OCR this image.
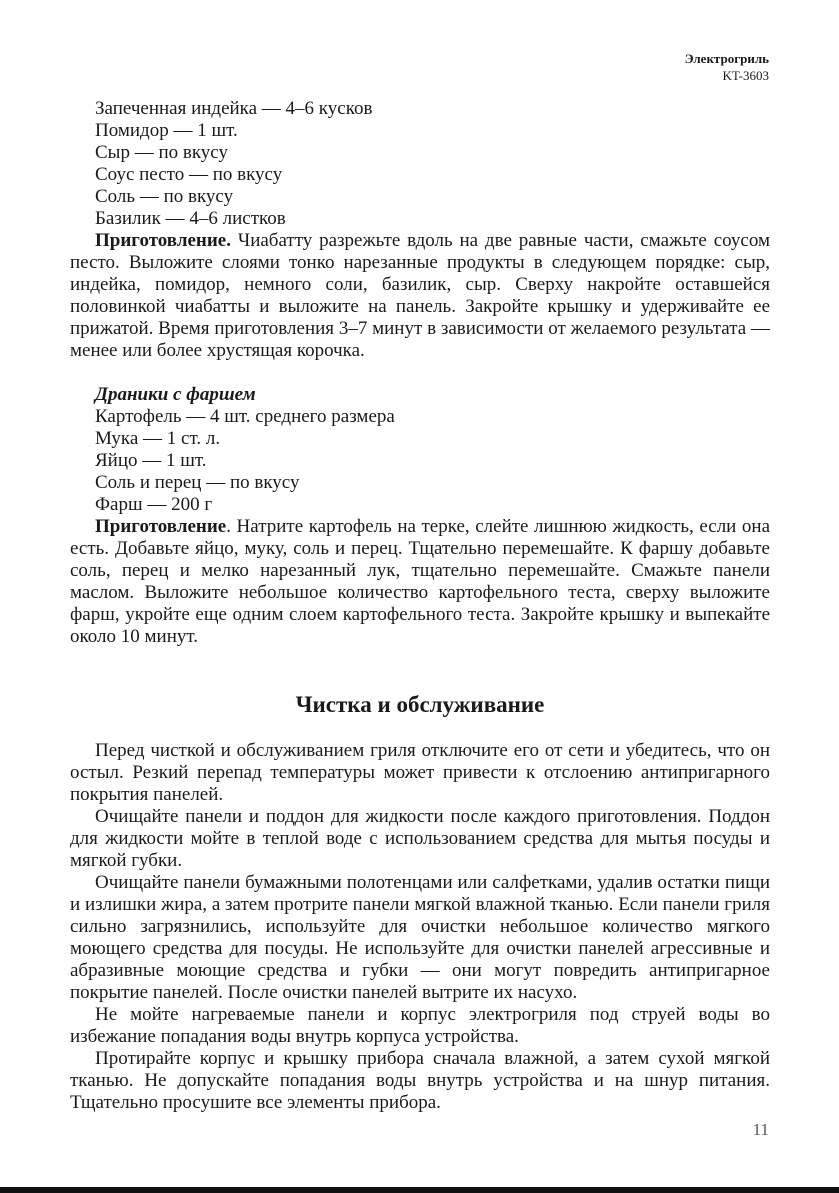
Электрогриль
KT-3603
Запеченная индейка — 4–6 кусков
Помидор — 1 шт.
Сыр — по вкусу
Соус песто — по вкусу
Соль — по вкусу
Базилик — 4–6 листков

Приготовление. Чиабатту разрежьте вдоль на две равные части, смажьте соусом песто. Выложите слоями тонко нарезанные продукты в следующем порядке: сыр, индейка, помидор, немного соли, базилик, сыр. Сверху накройте оставшейся половинкой чиабатты и выложите на панель. Закройте крышку и удерживайте ее прижатой. Время приготовления 3–7 минут в зависимости от желаемого результата — менее или более хрустящая корочка.

Драники с фаршем
Картофель — 4 шт. среднего размера
Мука — 1 ст. л.
Яйцо — 1 шт.
Соль и перец — по вкусу
Фарш — 200 г

Приготовление. Натрите картофель на терке, слейте лишнюю жидкость, если она есть. Добавьте яйцо, муку, соль и перец. Тщательно перемешайте. К фаршу добавьте соль, перец и мелко нарезанный лук, тщательно перемешайте. Смажьте панели маслом. Выложите небольшое количество картофельного теста, сверху выложите фарш, укройте еще одним слоем картофельного теста. Закройте крышку и выпекайте около 10 минут.

Чистка и обслуживание

Перед чисткой и обслуживанием гриля отключите его от сети и убедитесь, что он остыл. Резкий перепад температуры может привести к отслоению антипригарного покрытия панелей.

Очищайте панели и поддон для жидкости после каждого приготовления. Поддон для жидкости мойте в теплой воде с использованием средства для мытья посуды и мягкой губки.

Очищайте панели бумажными полотенцами или салфетками, удалив остатки пищи и излишки жира, а затем протрите панели мягкой влажной тканью. Если панели гриля сильно загрязнились, используйте для очистки небольшое количество мягкого моющего средства для посуды. Не используйте для очистки панелей агрессивные и абразивные моющие средства и губки — они могут повредить антипригарное покрытие панелей. После очистки панелей вытрите их насухо.

Не мойте нагреваемые панели и корпус электрогриля под струей воды во избежание попадания воды внутрь корпуса устройства.

Протирайте корпус и крышку прибора сначала влажной, а затем сухой мягкой тканью. Не допускайте попадания воды внутрь устройства и на шнур питания. Тщательно просушите все элементы прибора.

11
